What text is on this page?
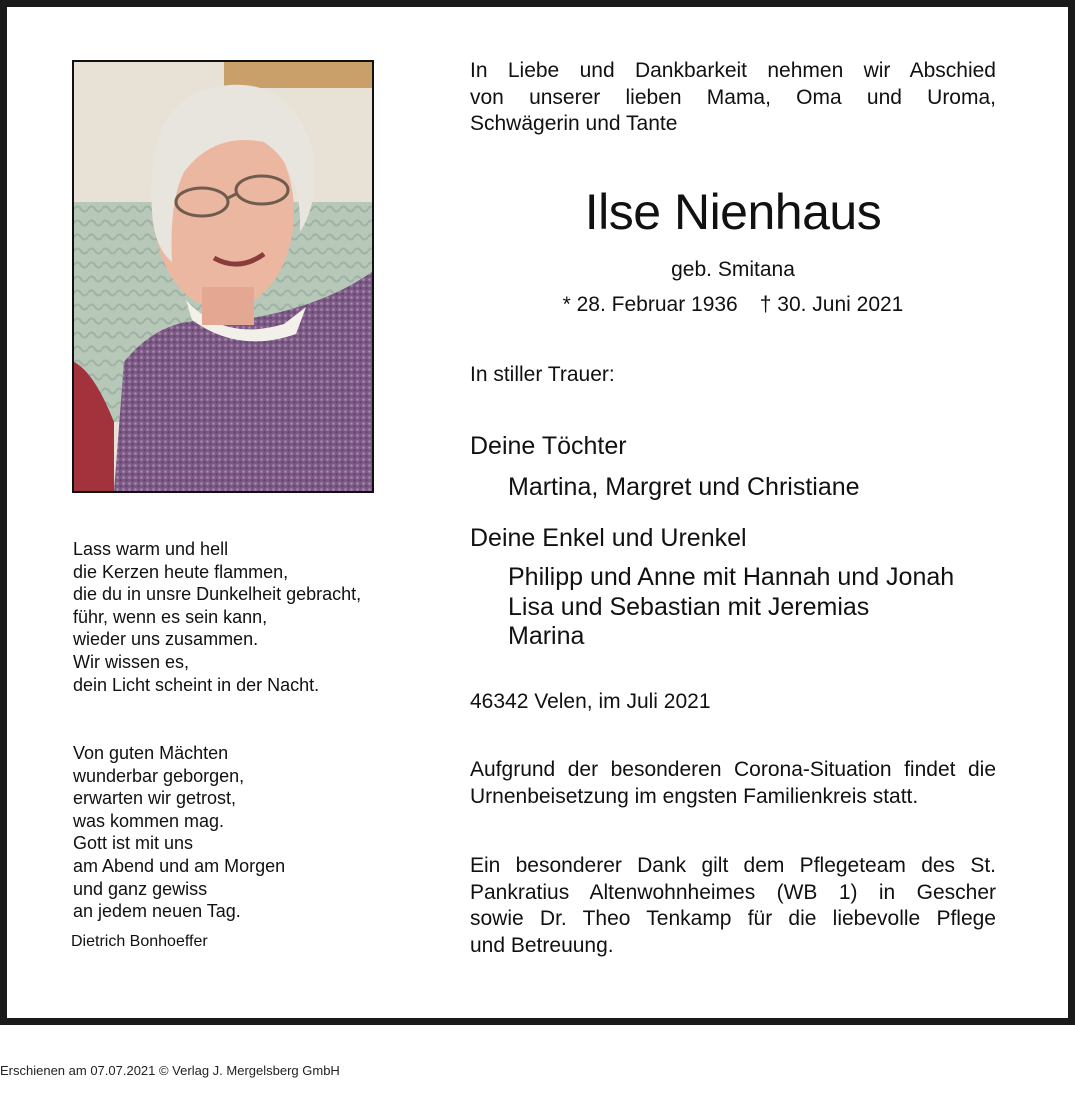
Lass warm und hell
die Kerzen heute flammen,
die du in unsre Dunkelheit gebracht,
führ, wenn es sein kann,
wieder uns zusammen.
Wir wissen es,
dein Licht scheint in der Nacht.
Von guten Mächten
wunderbar geborgen,
erwarten wir getrost,
was kommen mag.
Gott ist mit uns
am Abend und am Morgen
und ganz gewiss
an jedem neuen Tag.
Dietrich Bonhoeffer
In Liebe und Dankbarkeit nehmen wir Abschied
von unserer lieben Mama, Oma und Uroma,
Schwägerin und Tante
Ilse Nienhaus
geb. Smitana
* 28. Februar 1936 † 30. Juni 2021
In stiller Trauer:
Deine Töchter
Martina, Margret und Christiane
Deine Enkel und Urenkel
Philipp und Anne mit Hannah und Jonah
Lisa und Sebastian mit Jeremias
Marina
46342 Velen, im Juli 2021
Aufgrund der besonderen Corona-Situation findet die
Urnenbeisetzung im engsten Familienkreis statt.
Ein besonderer Dank gilt dem Pflegeteam des St.
Pankratius Altenwohnheimes (WB 1) in Gescher
sowie Dr. Theo Tenkamp für die liebevolle Pflege
und Betreuung.
Erschienen am 07.07.2021 © Verlag J. Mergelsberg GmbH
